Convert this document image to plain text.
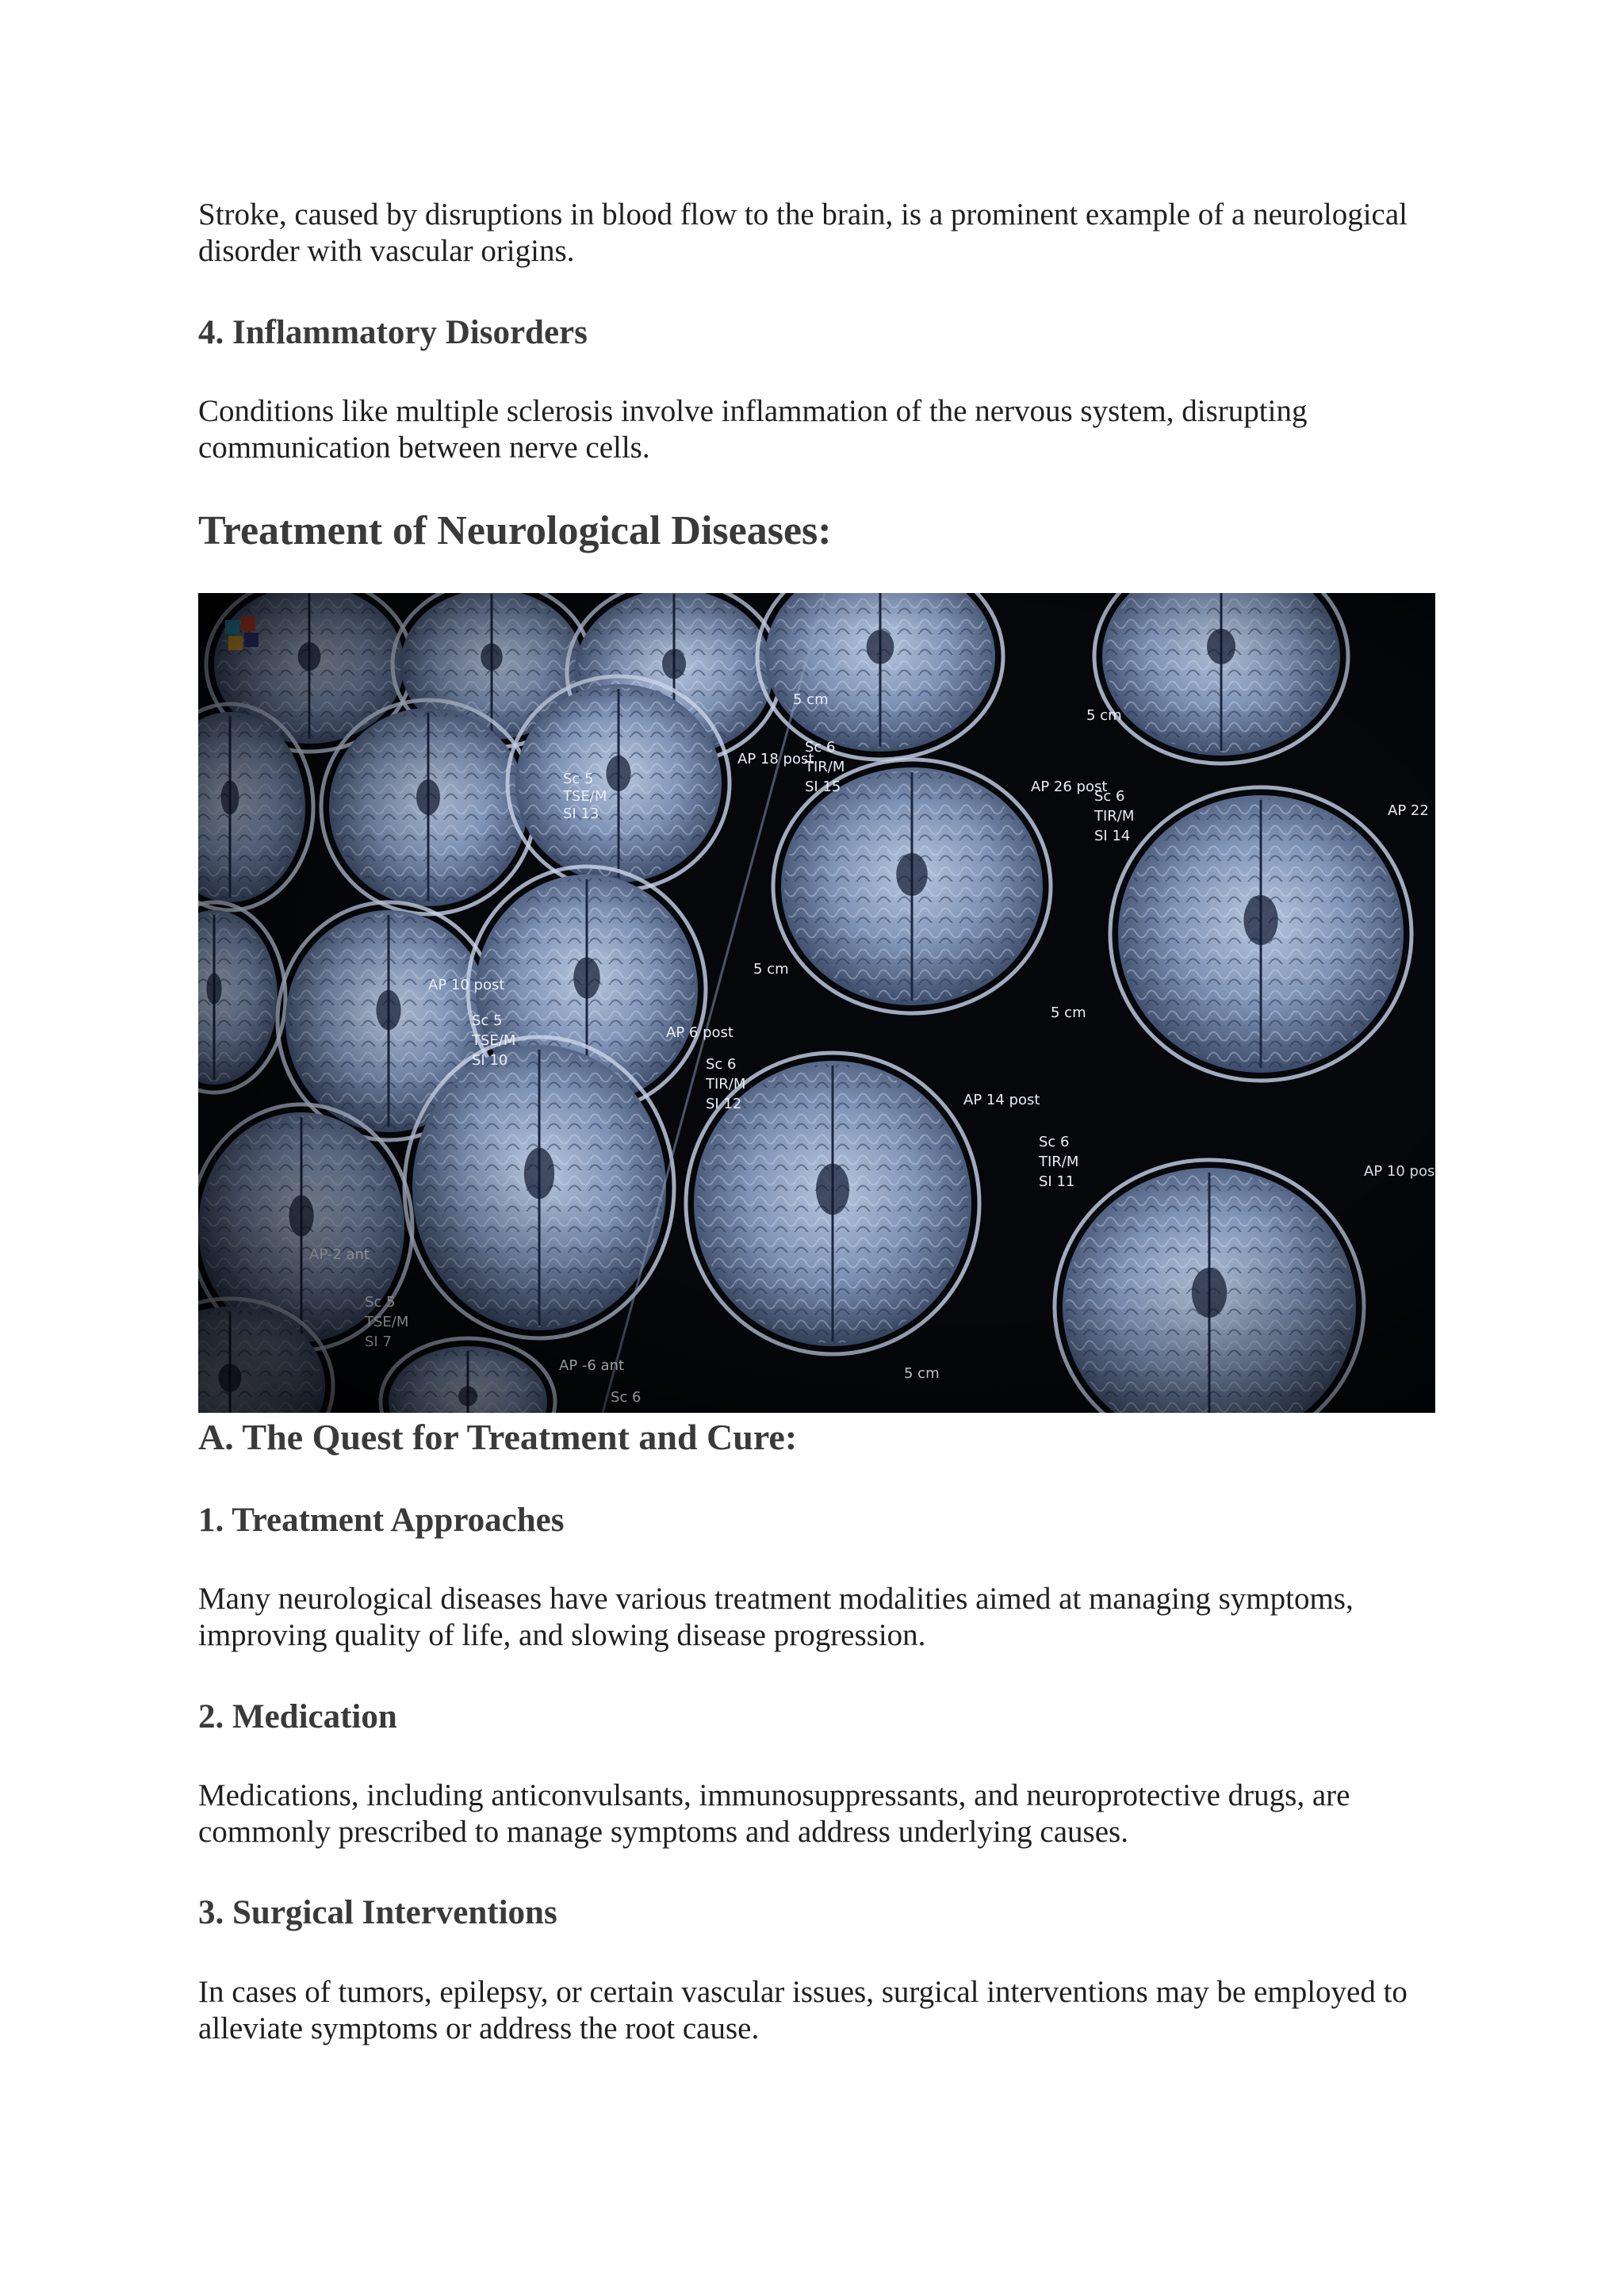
Stroke, caused by disruptions in blood flow to the brain, is a prominent example of a neurological disorder with vascular origins.

4. Inflammatory Disorders

Conditions like multiple sclerosis involve inflammation of the nervous system, disrupting communication between nerve cells.

Treatment of Neurological Diseases:
A. The Quest for Treatment and Cure:
1. Treatment Approaches

Many neurological diseases have various treatment modalities aimed at managing symptoms, improving quality of life, and slowing disease progression.

2. Medication

Medications, including anticonvulsants, immunosuppressants, and neuroprotective drugs, are commonly prescribed to manage symptoms and address underlying causes.

3. Surgical Interventions

In cases of tumors, epilepsy, or certain vascular issues, surgical interventions may be employed to alleviate symptoms or address the root cause.
